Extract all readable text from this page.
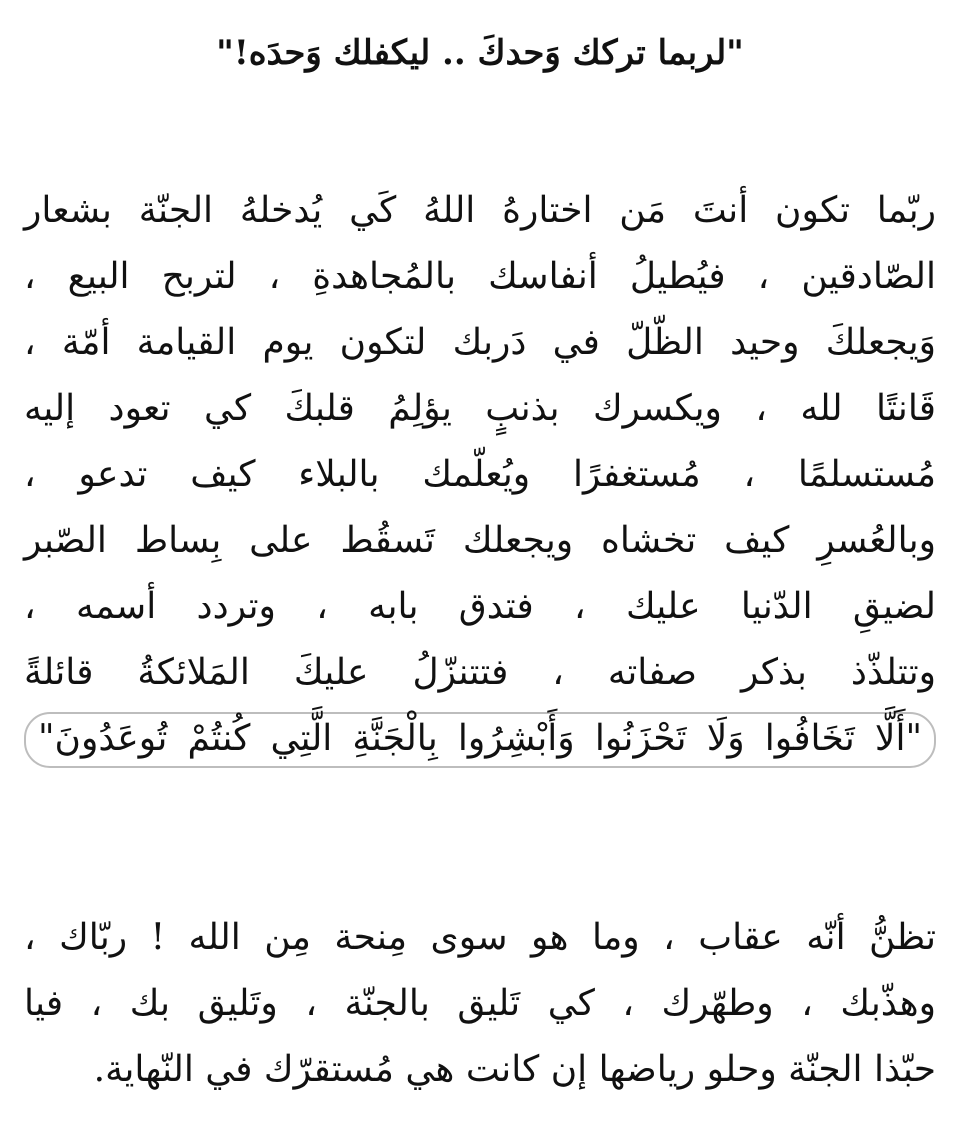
"لربما تركك وَحدكَ .. ليكفلك وَحدَه!"
ربّما تكون أنتَ مَن اختارهُ اللهُ كَي يُدخلهُ الجنّة بشعار
الصّادقين ، فيُطيلُ أنفاسك بالمُجاهدةِ ، لتربح البيع ،
وَيجعلكَ وحيد الظّلّ في دَربك لتكون يوم القيامة أمّة ،
قَانتًا لله ، ويكسرك بذنبٍ يؤلِمُ قلبكَ كي تعود إليه
مُستسلمًا ، مُستغفرًا ويُعلّمك بالبلاء كيف تدعو ،
وبالعُسرِ كيف تخشاه ويجعلك تَسقُط على بِساط الصّبر
لضيقِ الدّنيا عليك ، فتدق بابه ، وتردد أسمه ،
وتتلذّذ بذكر صفاته ، فتتنزّلُ عليكَ المَلائكةُ قائلةً
"أَلَّا تَخَافُوا وَلَا تَحْزَنُوا وَأَبْشِرُوا بِالْجَنَّةِ الَّتِي كُنتُمْ تُوعَدُونَ"
تظنُّ أنّه عقاب ، وما هو سوى مِنحة مِن الله ! ربّاك ،
وهذّبك ، وطهّرك ، كي تَليق بالجنّة ، وتَليق بك ، فيا
حبّذا الجنّة وحلو رياضها إن كانت هي مُستقرّك في النّهاية.
